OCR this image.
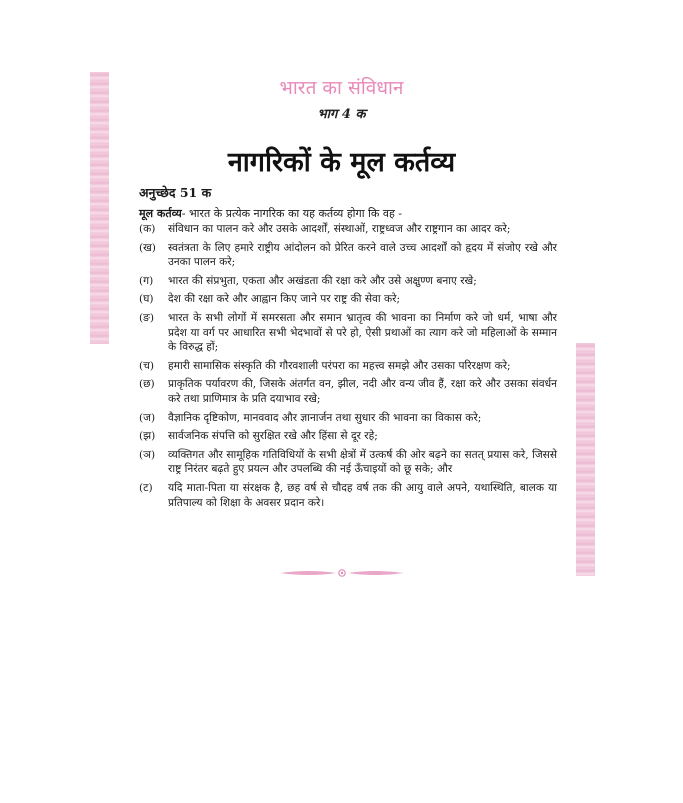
भारत का संविधान
भाग 4 क
नागरिकों के मूल कर्तव्य
अनुच्छेद 51 क
मूल कर्तव्य- भारत के प्रत्येक नागरिक का यह कर्तव्य होगा कि वह -
(क)	संविधान का पालन करे और उसके आदर्शों, संस्थाओं, राष्ट्रध्वज और राष्ट्रगान का आदर करे;
(ख)	स्वतंत्रता के लिए हमारे राष्ट्रीय आंदोलन को प्रेरित करने वाले उच्च आदर्शों को हृदय में संजोए रखे और उनका पालन करे;
(ग)	भारत की संप्रभुता, एकता और अखंडता की रक्षा करे और उसे अक्षुण्ण बनाए रखे;
(घ)	देश की रक्षा करे और आह्वान किए जाने पर राष्ट्र की सेवा करे;
(ङ)	भारत के सभी लोगों में समरसता और समान भ्रातृत्व की भावना का निर्माण करे जो धर्म, भाषा और प्रदेश या वर्ग पर आधारित सभी भेदभावों से परे हो, ऐसी प्रथाओं का त्याग करे जो महिलाओं के सम्मान के विरुद्ध हों;
(च)	हमारी सामासिक संस्कृति की गौरवशाली परंपरा का महत्त्व समझे और उसका परिरक्षण करे;
(छ)	प्राकृतिक पर्यावरण की, जिसके अंतर्गत वन, झील, नदी और वन्य जीव हैं, रक्षा करे और उसका संवर्धन करे तथा प्राणिमात्र के प्रति दयाभाव रखे;
(ज)	वैज्ञानिक दृष्टिकोण, मानववाद और ज्ञानार्जन तथा सुधार की भावना का विकास करे;
(झ)	सार्वजनिक संपत्ति को सुरक्षित रखे और हिंसा से दूर रहे;
(ञ)	व्यक्तिगत और सामूहिक गतिविधियों के सभी क्षेत्रों में उत्कर्ष की ओर बढ़ने का सतत् प्रयास करे, जिससे राष्ट्र निरंतर बढ़ते हुए प्रयत्न और उपलब्धि की नई ऊँचाइयों को छू सके; और
(ट)	यदि माता-पिता या संरक्षक है, छह वर्ष से चौदह वर्ष तक की आयु वाले अपने, यथास्थिति, बालक या प्रतिपाल्य को शिक्षा के अवसर प्रदान करे।
